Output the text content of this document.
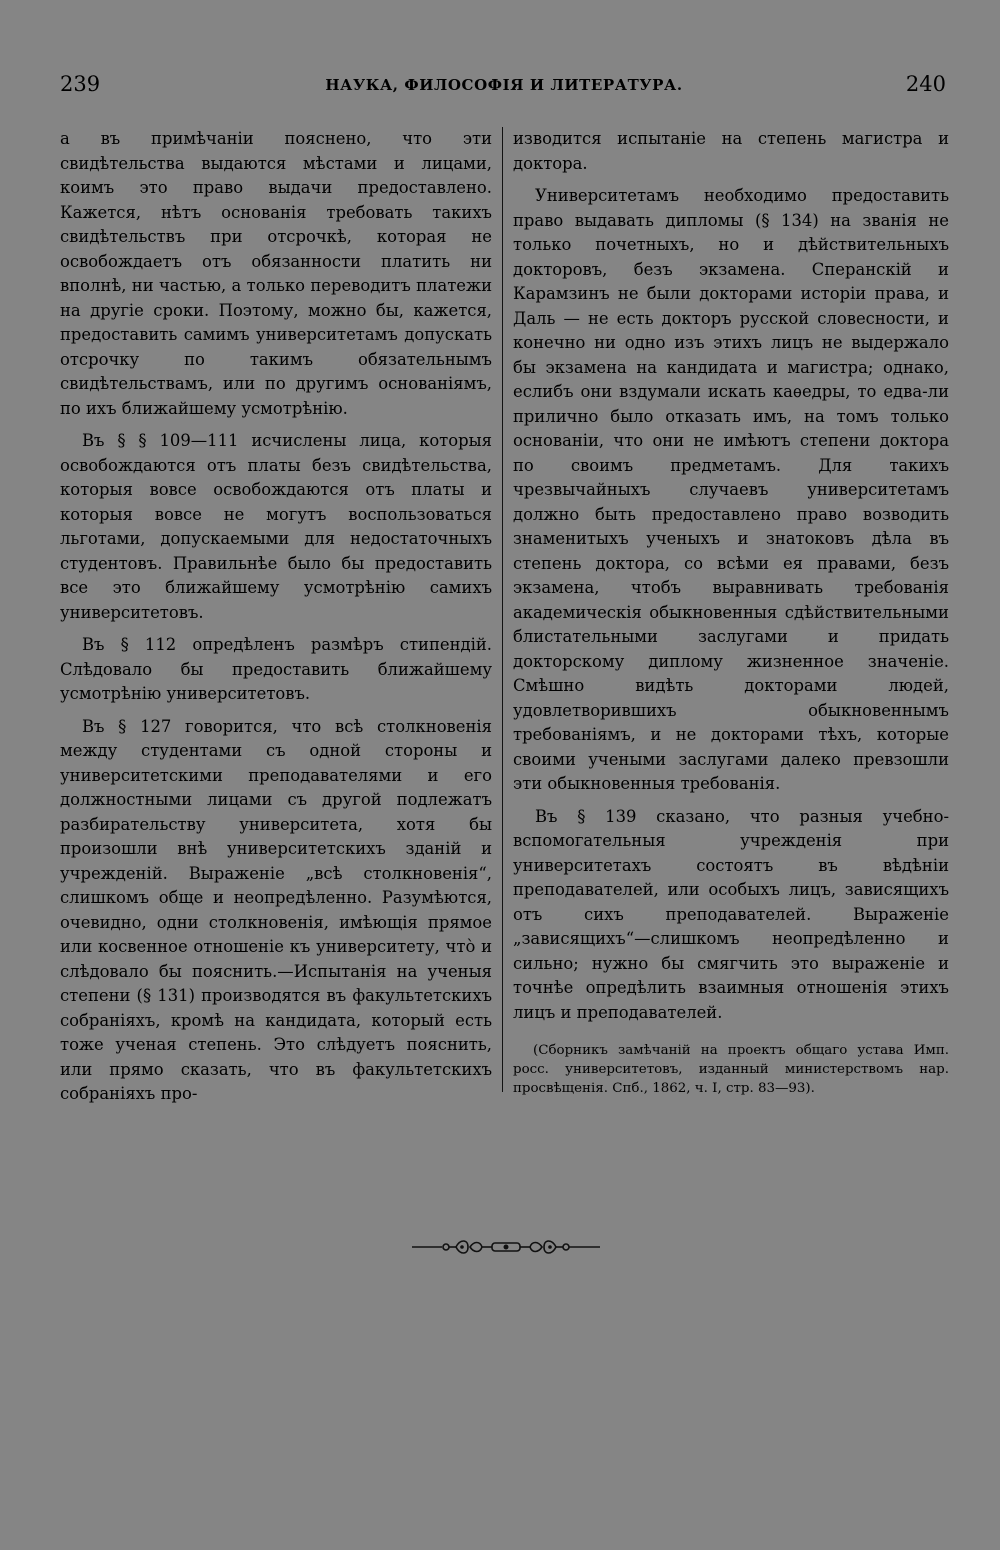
239	НАУКА, ФИЛОСОФІЯ И ЛИТЕРАТУРА.	240

а въ примѣчаніи пояснено, что эти свидѣтельства выдаются мѣстами и лицами, коимъ это право выдачи предоставлено. Кажется, нѣтъ основанія требовать такихъ свидѣтельствъ при отсрочкѣ, которая не освобождаетъ отъ обязанности платить ни вполнѣ, ни частью, а только переводитъ платежи на другіе сроки. Поэтому, можно бы, кажется, предоставить самимъ университетамъ допускать отсрочку по такимъ обязательнымъ свидѣтельствамъ, или по другимъ основаніямъ, по ихъ ближайшему усмотрѣнію.

Въ § § 109—111 исчислены лица, которыя освобождаются отъ платы безъ свидѣтельства, которыя вовсе освобождаются отъ платы и которыя вовсе не могутъ воспользоваться льготами, допускаемыми для недостаточныхъ студентовъ. Правильнѣе было бы предоставить все это ближайшему усмотрѣнію самихъ университетовъ.

Въ § 112 опредѣленъ размѣръ стипендій. Слѣдовало бы предоставить ближайшему усмотрѣнію университетовъ.

Въ § 127 говорится, что всѣ столкновенія между студентами съ одной стороны и университетскими преподавателями и его должностными лицами съ другой подлежатъ разбирательству университета, хотя бы произошли внѣ университетскихъ зданій и учрежденій. Выраженіе „всѣ столкновенія“, слишкомъ обще и неопредѣленно. Разумѣются, очевидно, одни столкновенія, имѣющія прямое или косвенное отношеніе къ университету, что̀ и слѣдовало бы пояснить.—Испытанія на ученыя степени (§ 131) производятся въ факультетскихъ собраніяхъ, кромѣ на кандидата, который есть тоже ученая степень. Это слѣдуетъ пояснить, или прямо сказать, что въ факультетскихъ собраніяхъ про-

изводится испытаніе на степень магистра и доктора.

Университетамъ необходимо предоставить право выдавать дипломы (§ 134) на званія не только почетныхъ, но и дѣйствительныхъ докторовъ, безъ экзамена. Сперанскій и Карамзинъ не были докторами исторіи права, и Даль — не есть докторъ русской словесности, и конечно ни одно изъ этихъ лицъ не выдержало бы экзамена на кандидата и магистра; однако, еслибъ они вздумали искать каѳедры, то едва-ли прилично было отказать имъ, на томъ только основаніи, что они не имѣютъ степени доктора по своимъ предметамъ. Для такихъ чрезвычайныхъ случаевъ университетамъ должно быть предоставлено право возводить знаменитыхъ ученыхъ и знатоковъ дѣла въ степень доктора, со всѣми ея правами, безъ экзамена, чтобъ выравнивать требованія академическія обыкновенныя сдѣйствительными блистательными заслугами и придать докторскому диплому жизненное значеніе. Смѣшно видѣть докторами людей, удовлетворившихъ обыкновеннымъ требованіямъ, и не докторами тѣхъ, которые своими учеными заслугами далеко превзошли эти обыкновенныя требованія.

Въ § 139 сказано, что разныя учебно-вспомогательныя учрежденія при университетахъ состоятъ въ вѣдѣніи преподавателей, или особыхъ лицъ, зависящихъ отъ сихъ преподавателей. Выраженіе „зависящихъ“—слишкомъ неопредѣленно и сильно; нужно бы смягчить это выраженіе и точнѣе опредѣлить взаимныя отношенія этихъ лицъ и преподавателей.

(Сборникъ замѣчаній на проектъ общаго устава Имп. росс. университетовъ, изданный министерствомъ нар. просвѣщенія. Спб., 1862, ч. I, стр. 83—93).
